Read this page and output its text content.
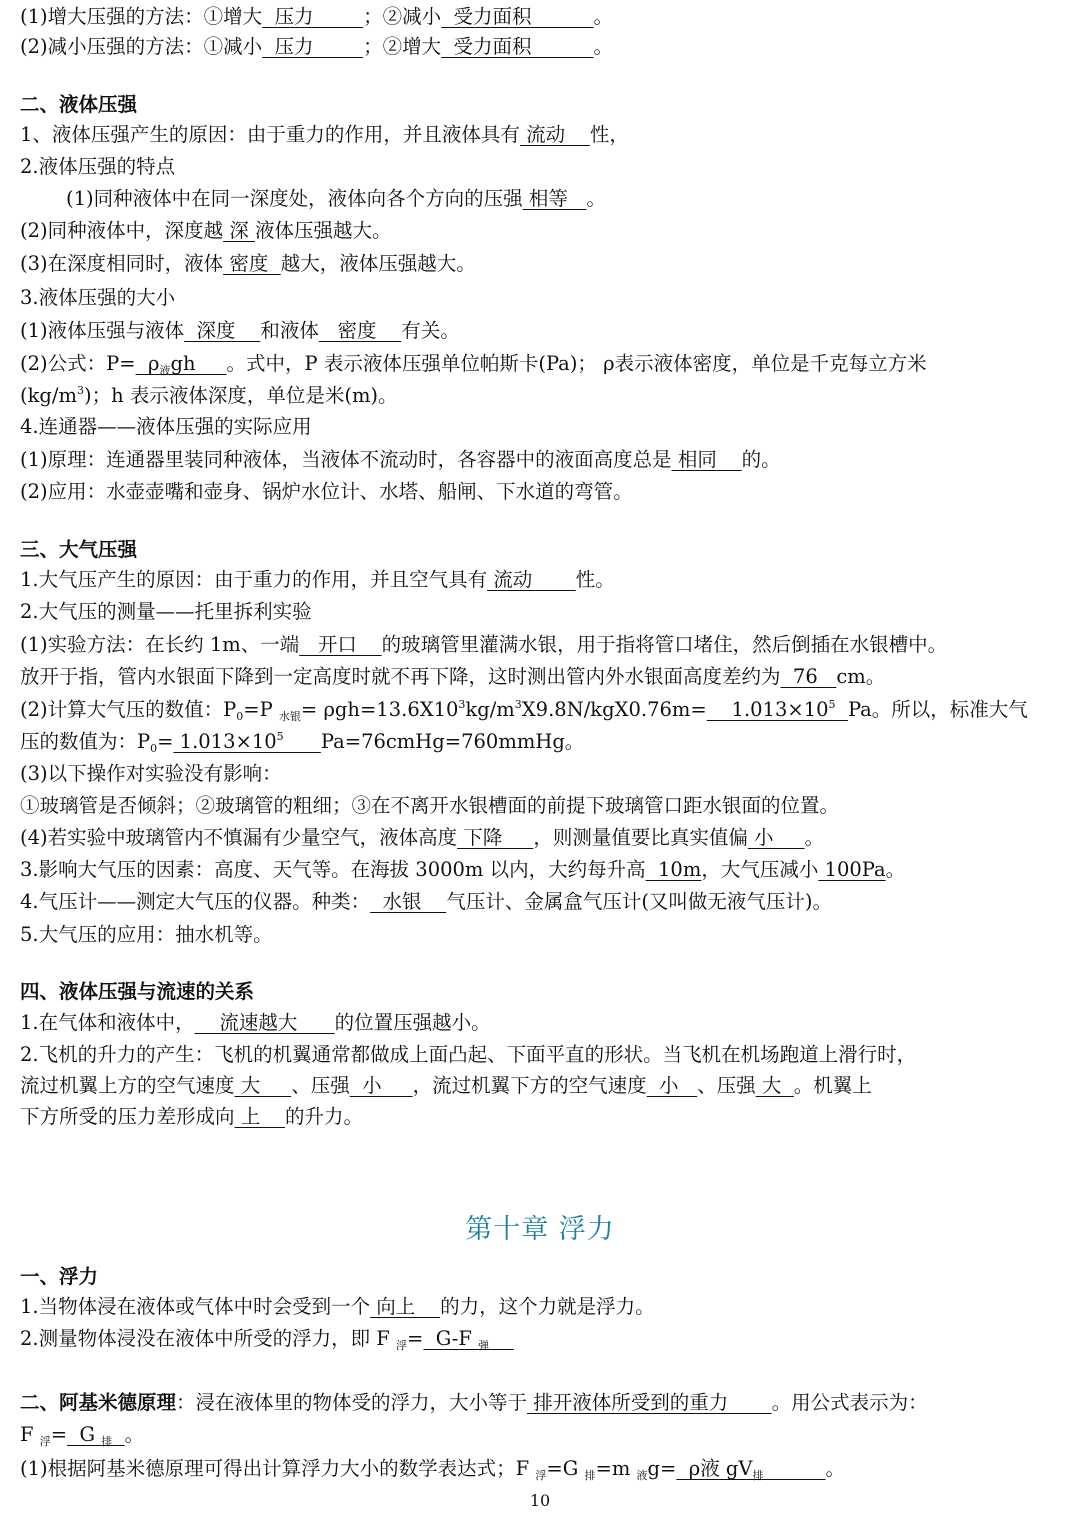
(1)增大压强的方法：①增大  压力        ；②减小  受力面积          。
(2)减小压强的方法：①减小  压力        ；②增大  受力面积          。
二、液体压强
1、液体压强产生的原因：由于重力的作用，并且液体具有 流动    性，
2.液体压强的特点
(1)同种液体中在同一深度处，液体向各个方向的压强 相等   。
(2)同种液体中，深度越 深 液体压强越大。
(3)在深度相同时，液体 密度  越大，液体压强越大。
3.液体压强的大小
(1)液体压强与液体  深度    和液体   密度    有关。
(2)公式：$P= \rho_液gh$     。式中，P 表示液体压强单位帕斯卡(Pa)； ρ表示液体密度，单位是千克每立方米
$(kg/m^3)$；h 表示液体深度，单位是米(m)。
4.连通器——液体压强的实际应用
(1)原理：连通器里装同种液体，当液体不流动时，各容器中的液面高度总是 相同    的。
(2)应用：水壶壶嘴和壶身、锅炉水位计、水塔、船闸、下水道的弯管。
三、大气压强
1.大气压产生的原因：由于重力的作用，并且空气具有 流动       性。
2.大气压的测量——托里拆利实验
(1)实验方法：在长约 1m、一端   开口    的玻璃管里灌满水银，用于指将管口堵住，然后倒插在水银槽中。
放开于指，管内水银面下降到一定高度时就不再下降，这时测出管内外水银面高度差约为  76   cm。
(2)计算大气压的数值：$P_0=P$ $_{水银}= \rho gh=13.6X10^3kg/m^3X9.8N/kgX0.76m=$    $1.013\times 10^5$ Pa。所以，标准大气
压的数值为：$P_0= 1.013\times 10^5$ Pa=76cmHg=760mmHg。
(3)以下操作对实验没有影响：
①玻璃管是否倾斜；②玻璃管的粗细；③在不离开水银槽面的前提下玻璃管口距水银面的位置。
(4)若实验中玻璃管内不慎漏有少量空气，液体高度 下降     ，则测量值要比真实值偏 小     。
3.影响大气压的因素：高度、天气等。在海拔 3000m 以内，大约每升高  10m，大气压减小 100Pa。
4.气压计——测定大气压的仪器。种类：  水银    气压计、金属盒气压计(又叫做无液气压计)。
5.大气压的应用：抽水机等。
四、液体压强与流速的关系
1.在气体和液体中，    流速越大      的位置压强越小。
2.飞机的升力的产生：飞机的机翼通常都做成上面凸起、下面平直的形状。当飞机在机场跑道上滑行时，
流过机翼上方的空气速度 大     、压强  小     ，流过机翼下方的空气速度  小   、压强 大  。机翼上
下方所受的压力差形成向 上    的升力。
第十章 浮力
一、浮力
1.当物体浸在液体或气体中时会受到一个 向上    的力，这个力就是浮力。
2.测量物体浸没在液体中所受的浮力，即 F $_浮$=  G-F $_弹$
二、阿基米德原理：浸在液体里的物体受的浮力，大小等于 排开液体所受到的重力       。用公式表示为：
F $_浮$=  G $_排$ 。
(1)根据阿基米德原理可得出计算浮力大小的数学表达式；F $_浮$=G $_排$=m $_液$g=  ρ液 $gV_排$	。
10
